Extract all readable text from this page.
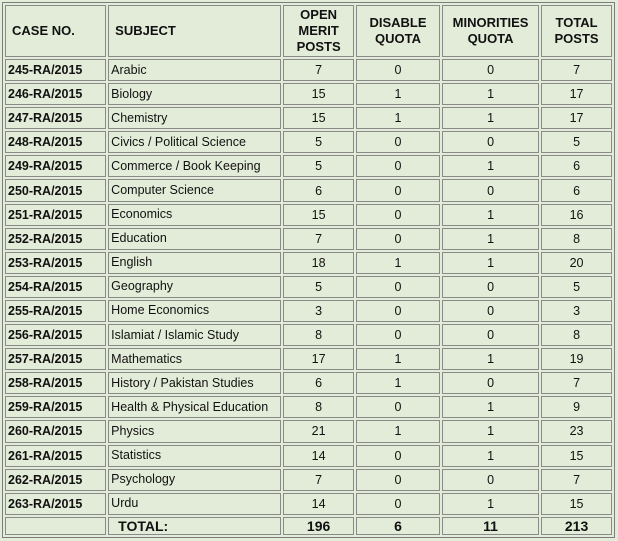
CASE NO.	SUBJECT	OPEN MERIT POSTS	DISABLE QUOTA	MINORITIES QUOTA	TOTAL POSTS
245-RA/2015	Arabic	7	0	0	7
246-RA/2015	Biology	15	1	1	17
247-RA/2015	Chemistry	15	1	1	17
248-RA/2015	Civics / Political Science	5	0	0	5
249-RA/2015	Commerce / Book Keeping	5	0	1	6
250-RA/2015	Computer Science	6	0	0	6
251-RA/2015	Economics	15	0	1	16
252-RA/2015	Education	7	0	1	8
253-RA/2015	English	18	1	1	20
254-RA/2015	Geography	5	0	0	5
255-RA/2015	Home Economics	3	0	0	3
256-RA/2015	Islamiat / Islamic Study	8	0	0	8
257-RA/2015	Mathematics	17	1	1	19
258-RA/2015	History / Pakistan Studies	6	1	0	7
259-RA/2015	Health & Physical Education	8	0	1	9
260-RA/2015	Physics	21	1	1	23
261-RA/2015	Statistics	14	0	1	15
262-RA/2015	Psychology	7	0	0	7
263-RA/2015	Urdu	14	0	1	15
	TOTAL:	196	6	11	213
